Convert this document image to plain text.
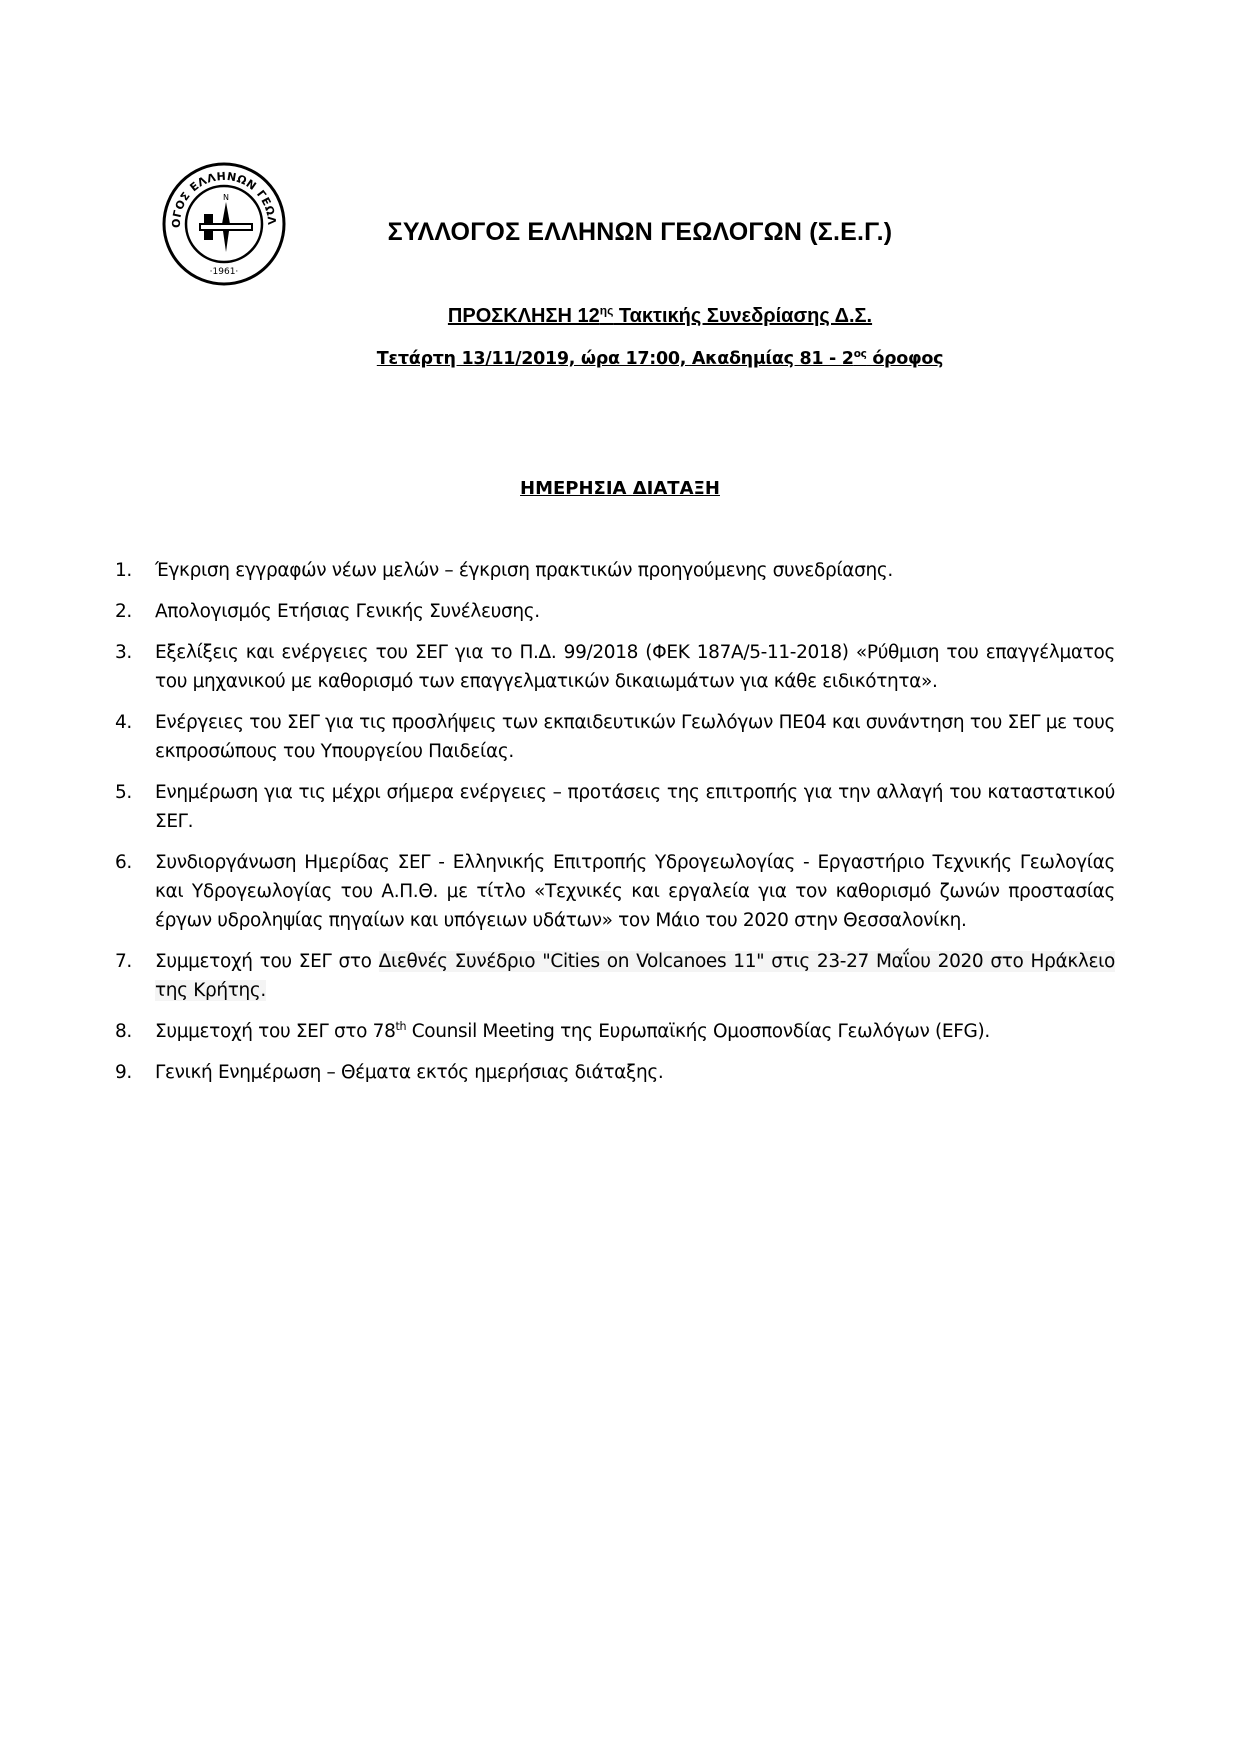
ΟΓΟΣ ΕΛΛΗΝΩΝ ΓΕΩΛ
·1961·
N
ΣΥΛΛΟΓΟΣ ΕΛΛΗΝΩΝ ΓΕΩΛΟΓΩΝ (Σ.Ε.Γ.)
ΠΡΟΣΚΛΗΣΗ $12^{\eta\varsigma}$ Τακτικής Συνεδρίασης Δ.Σ.
Τετάρτη 13/11/2019, ώρα 17:00, Ακαδημίας $81 - 2^{o\varsigma}$ όροφος
ΗΜΕΡΗΣΙΑ ΔΙΑΤΑΞΗ
1. Έγκριση εγγραφών νέων μελών – έγκριση πρακτικών προηγούμενης συνεδρίασης.
2. Απολογισμός Ετήσιας Γενικής Συνέλευσης.
3. Εξελίξεις και ενέργειες του ΣΕΓ για το Π.Δ. 99/2018 (ΦΕΚ 187Α/5-11-2018) «Ρύθμιση του επαγγέλματος του μηχανικού με καθορισμό των επαγγελματικών δικαιωμάτων για κάθε ειδικότητα».
4. Ενέργειες του ΣΕΓ για τις προσλήψεις των εκπαιδευτικών Γεωλόγων ΠΕ04 και συνάντηση του ΣΕΓ με τους εκπροσώπους του Υπουργείου Παιδείας.
5. Ενημέρωση για τις μέχρι σήμερα ενέργειες – προτάσεις της επιτροπής για την αλλαγή του καταστατικού ΣΕΓ.
6. Συνδιοργάνωση Ημερίδας ΣΕΓ - Ελληνικής Επιτροπής Υδρογεωλογίας - Εργαστήριο Τεχνικής Γεωλογίας και Υδρογεωλογίας του Α.Π.Θ. με τίτλο «Τεχνικές και εργαλεία για τον καθορισμό ζωνών προστασίας έργων υδροληψίας πηγαίων και υπόγειων υδάτων» τον Μάιο του 2020 στην Θεσσαλονίκη.
7. Συμμετοχή του ΣΕΓ στο Διεθνές Συνέδριο "Cities on Volcanoes 11" στις 23-27 Μαΐου 2020 στο Ηράκλειο της Κρήτης.
8. Συμμετοχή του ΣΕΓ στο 78th Counsil Meeting της Ευρωπαϊκής Ομοσπονδίας Γεωλόγων (EFG).
9. Γενική Ενημέρωση – Θέματα εκτός ημερήσιας διάταξης.
